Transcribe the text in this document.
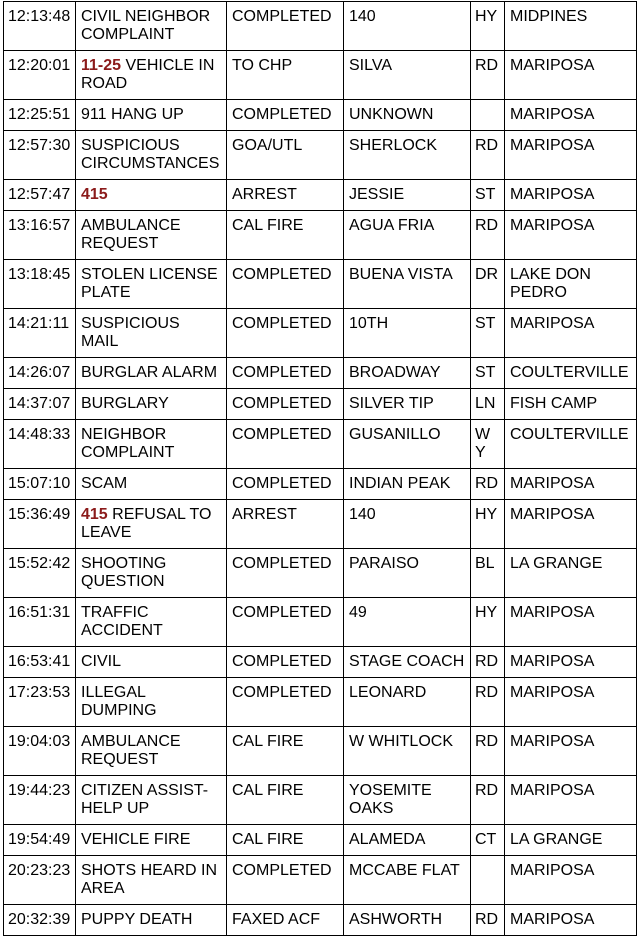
12:13:48	CIVIL NEIGHBOR COMPLAINT	COMPLETED	140	HY	MIDPINES
12:20:01	11-25 VEHICLE IN ROAD	TO CHP	SILVA	RD	MARIPOSA
12:25:51	911 HANG UP	COMPLETED	UNKNOWN		MARIPOSA
12:57:30	SUSPICIOUS CIRCUMSTANCES	GOA/UTL	SHERLOCK	RD	MARIPOSA
12:57:47	415	ARREST	JESSIE	ST	MARIPOSA
13:16:57	AMBULANCE REQUEST	CAL FIRE	AGUA FRIA	RD	MARIPOSA
13:18:45	STOLEN LICENSE PLATE	COMPLETED	BUENA VISTA	DR	LAKE DON PEDRO
14:21:11	SUSPICIOUS MAIL	COMPLETED	10TH	ST	MARIPOSA
14:26:07	BURGLAR ALARM	COMPLETED	BROADWAY	ST	COULTERVILLE
14:37:07	BURGLARY	COMPLETED	SILVER TIP	LN	FISH CAMP
14:48:33	NEIGHBOR COMPLAINT	COMPLETED	GUSANILLO	W Y	COULTERVILLE
15:07:10	SCAM	COMPLETED	INDIAN PEAK	RD	MARIPOSA
15:36:49	415 REFUSAL TO LEAVE	ARREST	140	HY	MARIPOSA
15:52:42	SHOOTING QUESTION	COMPLETED	PARAISO	BL	LA GRANGE
16:51:31	TRAFFIC ACCIDENT	COMPLETED	49	HY	MARIPOSA
16:53:41	CIVIL	COMPLETED	STAGE COACH	RD	MARIPOSA
17:23:53	ILLEGAL DUMPING	COMPLETED	LEONARD	RD	MARIPOSA
19:04:03	AMBULANCE REQUEST	CAL FIRE	W WHITLOCK	RD	MARIPOSA
19:44:23	CITIZEN ASSIST-HELP UP	CAL FIRE	YOSEMITE OAKS	RD	MARIPOSA
19:54:49	VEHICLE FIRE	CAL FIRE	ALAMEDA	CT	LA GRANGE
20:23:23	SHOTS HEARD IN AREA	COMPLETED	MCCABE FLAT		MARIPOSA
20:32:39	PUPPY DEATH	FAXED ACF	ASHWORTH	RD	MARIPOSA
